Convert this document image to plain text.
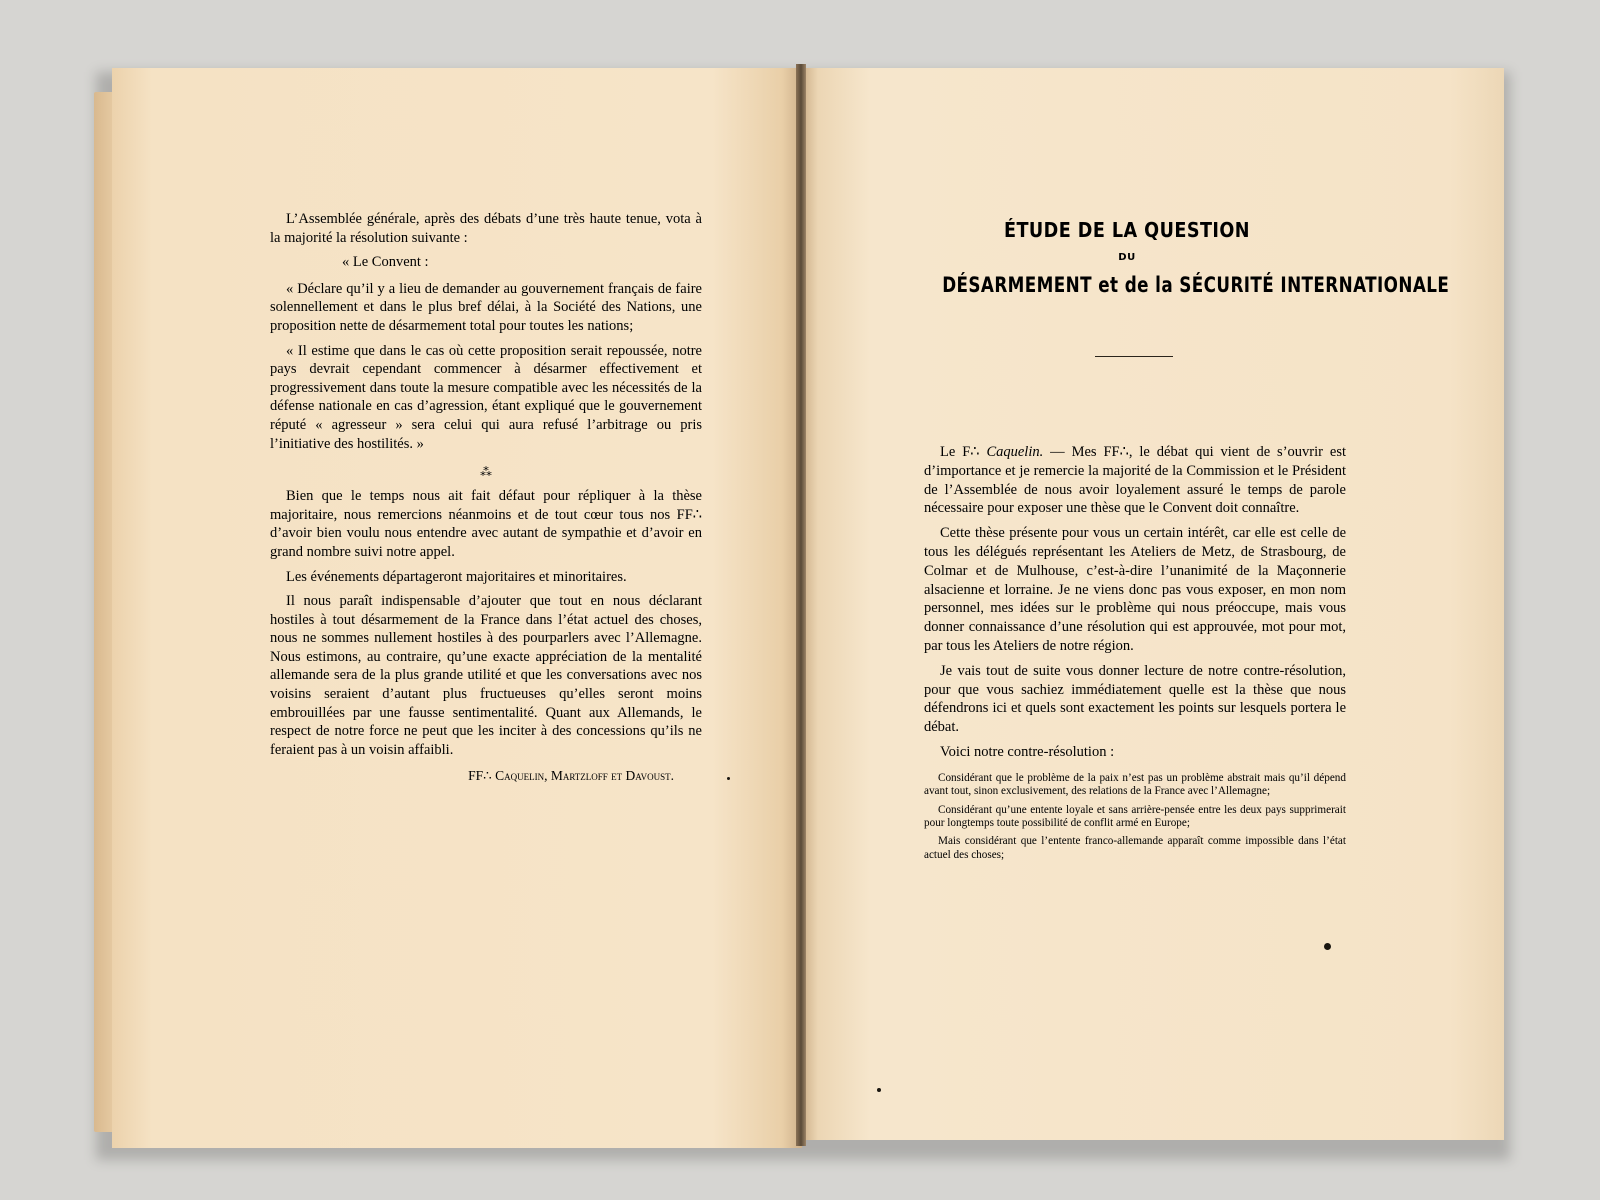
L’Assemblée générale, après des débats d’une très haute tenue, vota à la majorité la résolution suivante :

« Le Convent :

« Déclare qu’il y a lieu de demander au gouvernement français de faire solennellement et dans le plus bref délai, à la Société des Nations, une proposition nette de désarmement total pour toutes les nations;

« Il estime que dans le cas où cette proposition serait repoussée, notre pays devrait cependant commencer à désarmer effectivement et progressivement dans toute la mesure compatible avec les nécessités de la défense nationale en cas d’agression, étant expliqué que le gouvernement réputé « agresseur » sera celui qui aura refusé l’arbitrage ou pris l’initiative des hostilités. »

⁂

Bien que le temps nous ait fait défaut pour répliquer à la thèse majoritaire, nous remercions néanmoins et de tout cœur tous nos FF∴ d’avoir bien voulu nous entendre avec autant de sympathie et d’avoir en grand nombre suivi notre appel.

Les événements départageront majoritaires et minoritaires.

Il nous paraît indispensable d’ajouter que tout en nous déclarant hostiles à tout désarmement de la France dans l’état actuel des choses, nous ne sommes nullement hostiles à des pourparlers avec l’Allemagne. Nous estimons, au contraire, qu’une exacte appréciation de la mentalité allemande sera de la plus grande utilité et que les conversations avec nos voisins seraient d’autant plus fructueuses qu’elles seront moins embrouillées par une fausse sentimentalité. Quant aux Allemands, le respect de notre force ne peut que les inciter à des concessions qu’ils ne feraient pas à un voisin affaibli.

FF∴ Caquelin, Martzloff et Davoust.

ÉTUDE DE LA QUESTION
DU
DÉSARMEMENT et de la SÉCURITÉ INTERNATIONALE

Le F∴ Caquelin. — Mes FF∴, le débat qui vient de s’ouvrir est d’importance et je remercie la majorité de la Commission et le Président de l’Assemblée de nous avoir loyalement assuré le temps de parole nécessaire pour exposer une thèse que le Convent doit connaître.

Cette thèse présente pour vous un certain intérêt, car elle est celle de tous les délégués représentant les Ateliers de Metz, de Strasbourg, de Colmar et de Mulhouse, c’est-à-dire l’unanimité de la Maçonnerie alsacienne et lorraine. Je ne viens donc pas vous exposer, en mon nom personnel, mes idées sur le problème qui nous préoccupe, mais vous donner connaissance d’une résolution qui est approuvée, mot pour mot, par tous les Ateliers de notre région.

Je vais tout de suite vous donner lecture de notre contre-résolution, pour que vous sachiez immédiatement quelle est la thèse que nous défendrons ici et quels sont exactement les points sur lesquels portera le débat.

Voici notre contre-résolution :

Considérant que le problème de la paix n’est pas un problème abstrait mais qu’il dépend avant tout, sinon exclusivement, des relations de la France avec l’Allemagne;

Considérant qu’une entente loyale et sans arrière-pensée entre les deux pays supprimerait pour longtemps toute possibilité de conflit armé en Europe;

Mais considérant que l’entente franco-allemande apparaît comme impossible dans l’état actuel des choses;
